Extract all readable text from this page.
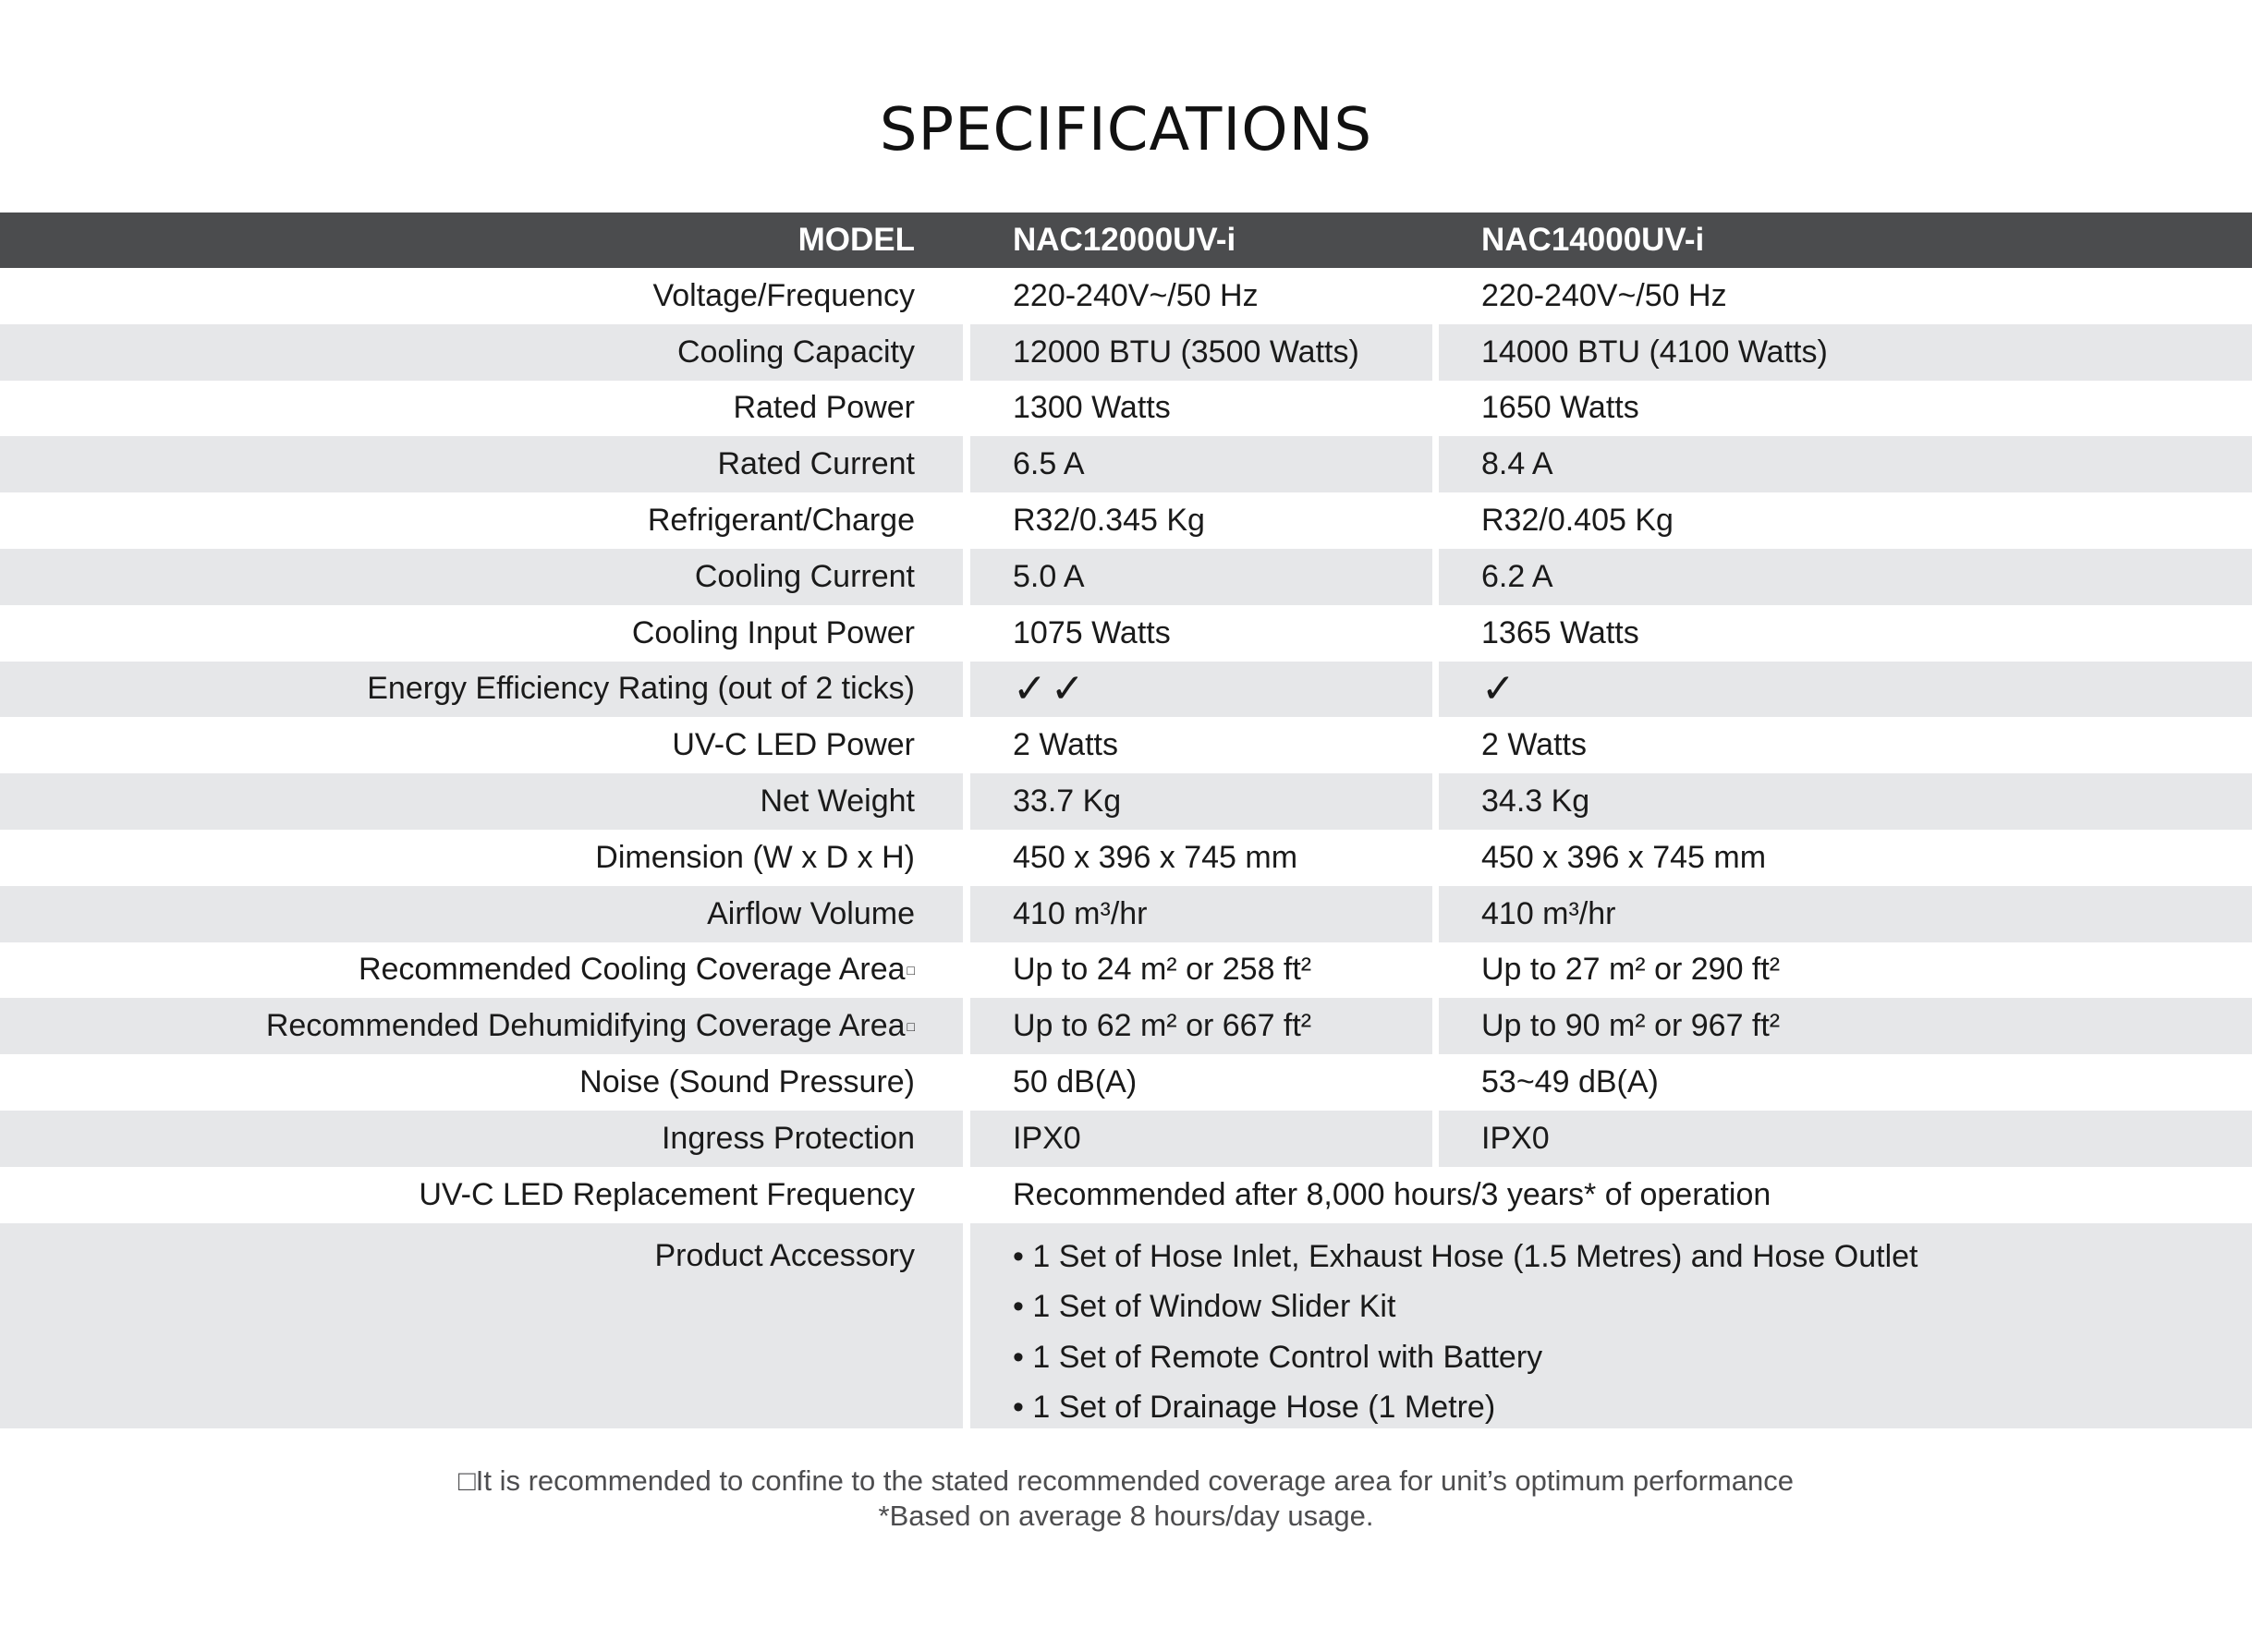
SPECIFICATIONS
MODEL	NAC12000UV-i	NAC14000UV-i
Voltage/Frequency	220-240V~/50 Hz	220-240V~/50 Hz
Cooling Capacity	12000 BTU (3500 Watts)	14000 BTU (4100 Watts)
Rated Power	1300 Watts	1650 Watts
Rated Current	6.5 A	8.4 A
Refrigerant/Charge	R32/0.345 Kg	R32/0.405 Kg
Cooling Current	5.0 A	6.2 A
Cooling Input Power	1075 Watts	1365 Watts
Energy Efficiency Rating (out of 2 ticks)	✓✓	✓
UV-C LED Power	2 Watts	2 Watts
Net Weight	33.7 Kg	34.3 Kg
Dimension (W x D x H)	450 x 396 x 745 mm	450 x 396 x 745 mm
Airflow Volume	410 m³/hr	410 m³/hr
Recommended Cooling Coverage Area □	Up to 24 m² or 258 ft²	Up to 27 m² or 290 ft²
Recommended Dehumidifying Coverage Area □	Up to 62 m² or 667 ft²	Up to 90 m² or 967 ft²
Noise (Sound Pressure)	50 dB(A)	53~49 dB(A)
Ingress Protection	IPX0	IPX0
UV-C LED Replacement Frequency	Recommended after 8,000 hours/3 years* of operation
Product Accessory	• 1 Set of Hose Inlet, Exhaust Hose (1.5 Metres) and Hose Outlet
• 1 Set of Window Slider Kit
• 1 Set of Remote Control with Battery
• 1 Set of Drainage Hose (1 Metre)
□It is recommended to confine to the stated recommended coverage area for unit’s optimum performance
*Based on average 8 hours/day usage.
